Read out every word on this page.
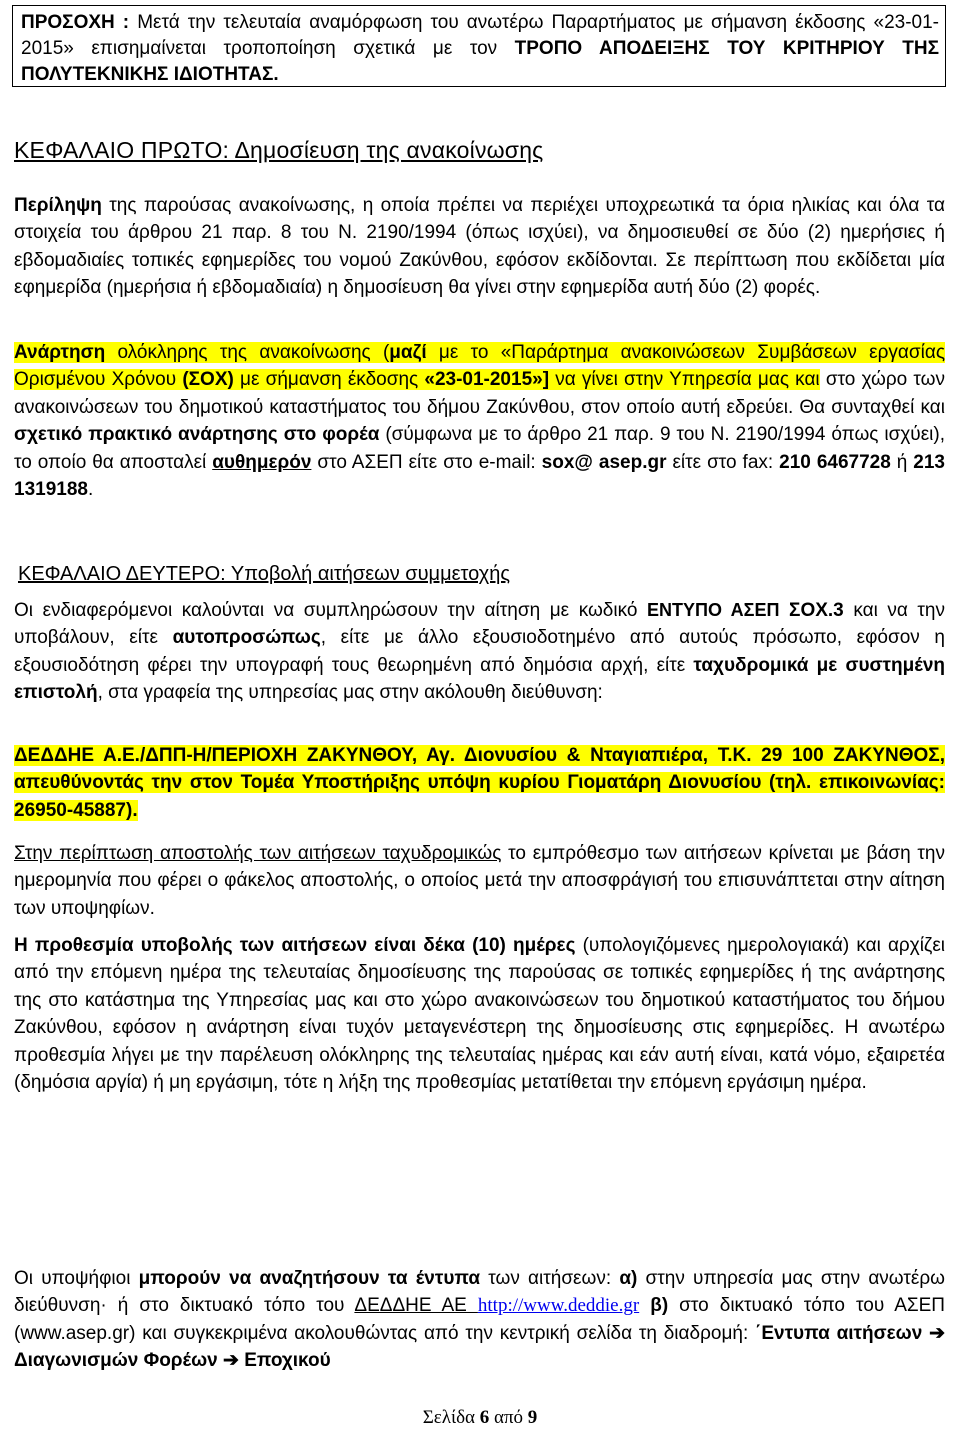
ΠΡΟΣΟΧΗ : Μετά την τελευταία αναμόρφωση του ανωτέρω Παραρτήματος με σήμανση έκδοσης «23-01-2015» επισημαίνεται τροποποίηση σχετικά με τον ΤΡΟΠΟ ΑΠΟΔΕΙΞΗΣ ΤΟΥ ΚΡΙΤΗΡΙΟΥ ΤΗΣ ΠΟΛΥΤΕΚΝΙΚΗΣ ΙΔΙΟΤΗΤΑΣ.
ΚΕΦΑΛΑΙΟ ΠΡΩΤΟ: Δημοσίευση της ανακοίνωσης
Περίληψη της παρούσας ανακοίνωσης, η οποία πρέπει να περιέχει υποχρεωτικά τα όρια ηλικίας και όλα τα στοιχεία του άρθρου 21 παρ. 8 του Ν. 2190/1994 (όπως ισχύει), να δημοσιευθεί σε δύο (2) ημερήσιες ή εβδομαδιαίες τοπικές εφημερίδες του νομού Ζακύνθου, εφόσον εκδίδονται. Σε περίπτωση που εκδίδεται μία εφημερίδα (ημερήσια ή εβδομαδιαία) η δημοσίευση θα γίνει στην εφημερίδα αυτή δύο (2) φορές.
Ανάρτηση ολόκληρης της ανακοίνωσης (μαζί με το «Παράρτημα ανακοινώσεων Συμβάσεων εργασίας Ορισμένου Χρόνου (ΣΟΧ) με σήμανση έκδοσης «23-01-2015»] να γίνει στην Υπηρεσία μας και στο χώρο των ανακοινώσεων του δημοτικού καταστήματος του δήμου Ζακύνθου, στον οποίο αυτή εδρεύει. Θα συνταχθεί και σχετικό πρακτικό ανάρτησης στο φορέα (σύμφωνα με το άρθρο 21 παρ. 9 του Ν. 2190/1994 όπως ισχύει), το οποίο θα αποσταλεί αυθημερόν στο ΑΣΕΠ είτε στο e-mail: sox@ asep.gr είτε στο fax: 210 6467728 ή 213 1319188.
ΚΕΦΑΛΑΙΟ ΔΕΥΤΕΡΟ: Υποβολή αιτήσεων συμμετοχής
Οι ενδιαφερόμενοι καλούνται να συμπληρώσουν την αίτηση με κωδικό ΕΝΤΥΠΟ ΑΣΕΠ ΣΟΧ.3 και να την υποβάλουν, είτε αυτοπροσώπως, είτε με άλλο εξουσιοδοτημένο από αυτούς πρόσωπο, εφόσον η εξουσιοδότηση φέρει την υπογραφή τους θεωρημένη από δημόσια αρχή, είτε ταχυδρομικά με συστημένη επιστολή, στα γραφεία της υπηρεσίας μας στην ακόλουθη διεύθυνση:
ΔΕΔΔΗΕ Α.Ε./ΔΠΠ-Η/ΠΕΡΙΟΧΗ ΖΑΚΥΝΘΟΥ, Αγ. Διονυσίου & Νταγιαπιέρα, Τ.Κ. 29 100 ΖΑΚΥΝΘΟΣ, απευθύνοντάς την στον Τομέα Υποστήριξης υπόψη κυρίου Γιοματάρη Διονυσίου (τηλ. επικοινωνίας: 26950-45887).
Στην περίπτωση αποστολής των αιτήσεων ταχυδρομικώς το εμπρόθεσμο των αιτήσεων κρίνεται με βάση την ημερομηνία που φέρει ο φάκελος αποστολής, ο οποίος μετά την αποσφράγισή του επισυνάπτεται στην αίτηση των υποψηφίων.
Η προθεσμία υποβολής των αιτήσεων είναι δέκα (10) ημέρες (υπολογιζόμενες ημερολογιακά) και αρχίζει από την επόμενη ημέρα της τελευταίας δημοσίευσης της παρούσας σε τοπικές εφημερίδες ή της ανάρτησης της στο κατάστημα της Υπηρεσίας μας και στο χώρο ανακοινώσεων του δημοτικού καταστήματος του δήμου Ζακύνθου, εφόσον η ανάρτηση είναι τυχόν μεταγενέστερη της δημοσίευσης στις εφημερίδες. Η ανωτέρω προθεσμία λήγει με την παρέλευση ολόκληρης της τελευταίας ημέρας και εάν αυτή είναι, κατά νόμο, εξαιρετέα (δημόσια αργία) ή μη εργάσιμη, τότε η λήξη της προθεσμίας μετατίθεται την επόμενη εργάσιμη ημέρα.
Οι υποψήφιοι μπορούν να αναζητήσουν τα έντυπα των αιτήσεων: α) στην υπηρεσία μας στην ανωτέρω διεύθυνση· ή στο δικτυακό τόπο του ΔΕΔΔΗΕ ΑΕ http://www.deddie.gr β) στο δικτυακό τόπο του ΑΣΕΠ (www.asep.gr) και συγκεκριμένα ακολουθώντας από την κεντρική σελίδα τη διαδρομή: ΄Εντυπα αιτήσεων ➔ Διαγωνισμών Φορέων ➔ Εποχικού
Σελίδα 6 από 9
